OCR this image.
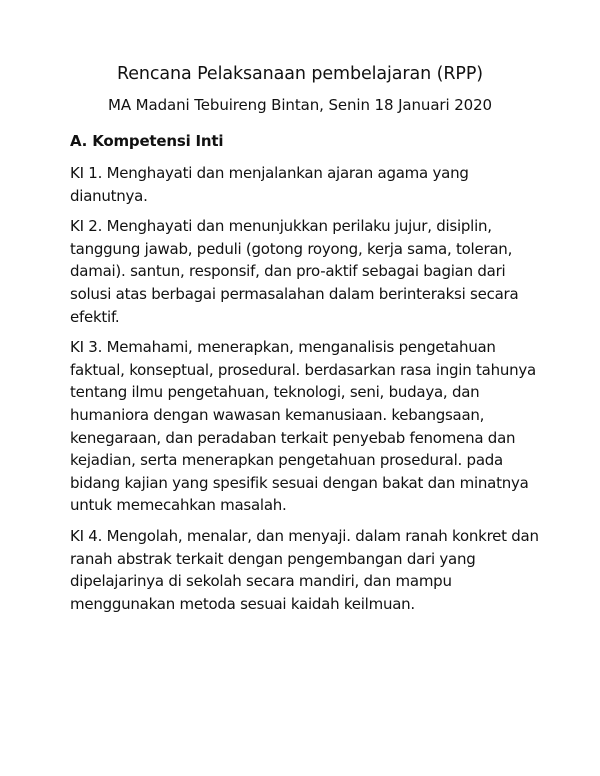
Rencana Pelaksanaan pembelajaran (RPP)
MA Madani Tebuireng Bintan, Senin 18 Januari 2020
A. Kompetensi Inti

KI 1. Menghayati dan menjalankan ajaran agama yang dianutnya.

KI 2. Menghayati dan menunjukkan perilaku jujur, disiplin, tanggung jawab, peduli (gotong royong, kerja sama, toleran, damai). santun, responsif, dan pro-aktif sebagai bagian dari solusi atas berbagai permasalahan dalam berinteraksi secara efektif.

KI 3. Memahami, menerapkan, menganalisis pengetahuan faktual, konseptual, prosedural. berdasarkan rasa ingin tahunya tentang ilmu pengetahuan, teknologi, seni, budaya, dan humaniora dengan wawasan kemanusiaan. kebangsaan, kenegaraan, dan peradaban terkait penyebab fenomena dan kejadian, serta menerapkan pengetahuan prosedural. pada bidang kajian yang spesifik sesuai dengan bakat dan minatnya untuk memecahkan masalah.

KI 4. Mengolah, menalar, dan menyaji. dalam ranah konkret dan ranah abstrak terkait dengan pengembangan dari yang dipelajarinya di sekolah secara mandiri, dan mampu menggunakan metoda sesuai kaidah keilmuan.
